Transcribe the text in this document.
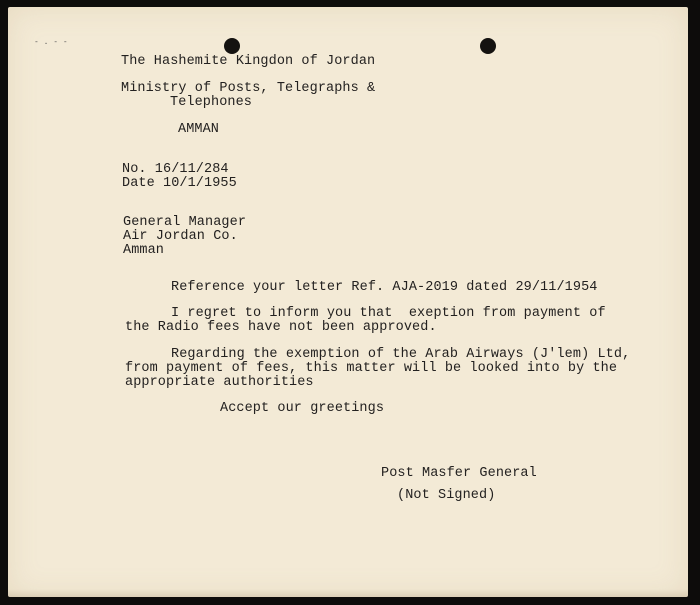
- . - -
The Hashemite Kingdon of Jordan
Ministry of Posts, Telegraphs &
Telephones
AMMAN
No. 16/11/284
Date 10/1/1955
General Manager
Air Jordan Co.
Amman
Reference your letter Ref. AJA-2019 dated 29/11/1954
I regret to inform you that  exeption from payment of
the Radio fees have not been approved.
Regarding the exemption of the Arab Airways (J'lem) Ltd,
from payment of fees, this matter will be looked into by the
appropriate authorities
Accept our greetings
Post Masfer General
(Not Signed)
